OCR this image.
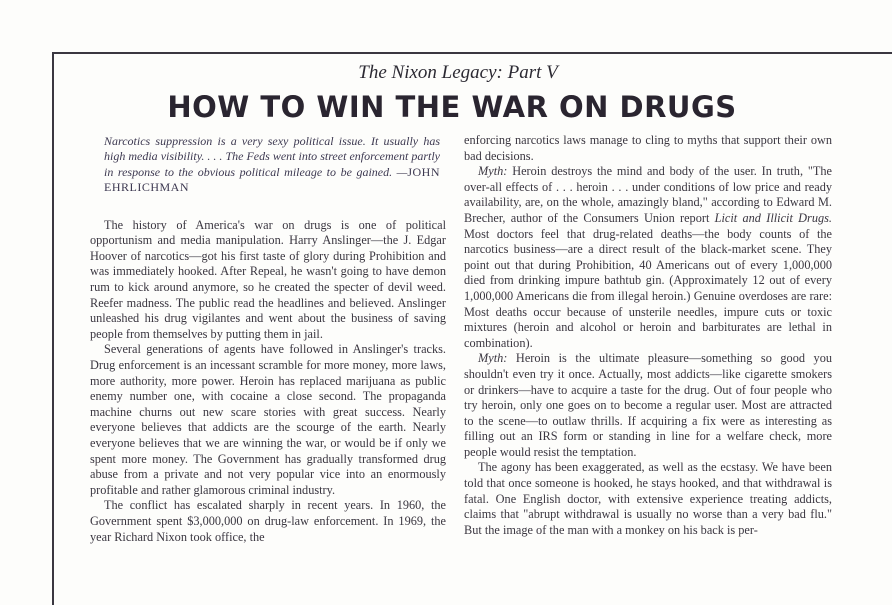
The Nixon Legacy: Part V
HOW TO WIN THE WAR ON DRUGS
Narcotics suppression is a very sexy political issue. It usually has high media visibility. . . . The Feds went into street enforcement partly in response to the obvious political mileage to be gained. —JOHN EHRLICHMAN

The history of America's war on drugs is one of political opportunism and media manipulation. Harry Anslinger—the J. Edgar Hoover of narcotics—got his first taste of glory during Prohibition and was immediately hooked. After Repeal, he wasn't going to have demon rum to kick around anymore, so he created the specter of devil weed. Reefer madness. The public read the headlines and believed. Anslinger unleashed his drug vigilantes and went about the business of saving people from themselves by putting them in jail.

Several generations of agents have followed in Anslinger's tracks. Drug enforcement is an incessant scramble for more money, more laws, more authority, more power. Heroin has replaced marijuana as public enemy number one, with cocaine a close second. The propaganda machine churns out new scare stories with great success. Nearly everyone believes that addicts are the scourge of the earth. Nearly everyone believes that we are winning the war, or would be if only we spent more money. The Government has gradually transformed drug abuse from a private and not very popular vice into an enormously profitable and rather glamorous criminal industry.

The conflict has escalated sharply in recent years. In 1960, the Government spent $3,000,000 on drug-law enforcement. In 1969, the year Richard Nixon took office, the

enforcing narcotics laws manage to cling to myths that support their own bad decisions.

Myth: Heroin destroys the mind and body of the user. In truth, "The over-all effects of . . . heroin . . . under conditions of low price and ready availability, are, on the whole, amazingly bland," according to Edward M. Brecher, author of the Consumers Union report Licit and Illicit Drugs. Most doctors feel that drug-related deaths—the body counts of the narcotics business—are a direct result of the black-market scene. They point out that during Prohibition, 40 Americans out of every 1,000,000 died from drinking impure bathtub gin. (Approximately 12 out of every 1,000,000 Americans die from illegal heroin.) Genuine overdoses are rare: Most deaths occur because of unsterile needles, impure cuts or toxic mixtures (heroin and alcohol or heroin and barbiturates are lethal in combination).

Myth: Heroin is the ultimate pleasure—something so good you shouldn't even try it once. Actually, most addicts—like cigarette smokers or drinkers—have to acquire a taste for the drug. Out of four people who try heroin, only one goes on to become a regular user. Most are attracted to the scene—to outlaw thrills. If acquiring a fix were as interesting as filling out an IRS form or standing in line for a welfare check, more people would resist the temptation.

The agony has been exaggerated, as well as the ecstasy. We have been told that once someone is hooked, he stays hooked, and that withdrawal is fatal. One English doctor, with extensive experience treating addicts, claims that "abrupt withdrawal is usually no worse than a very bad flu." But the image of the man with a monkey on his back is per-
